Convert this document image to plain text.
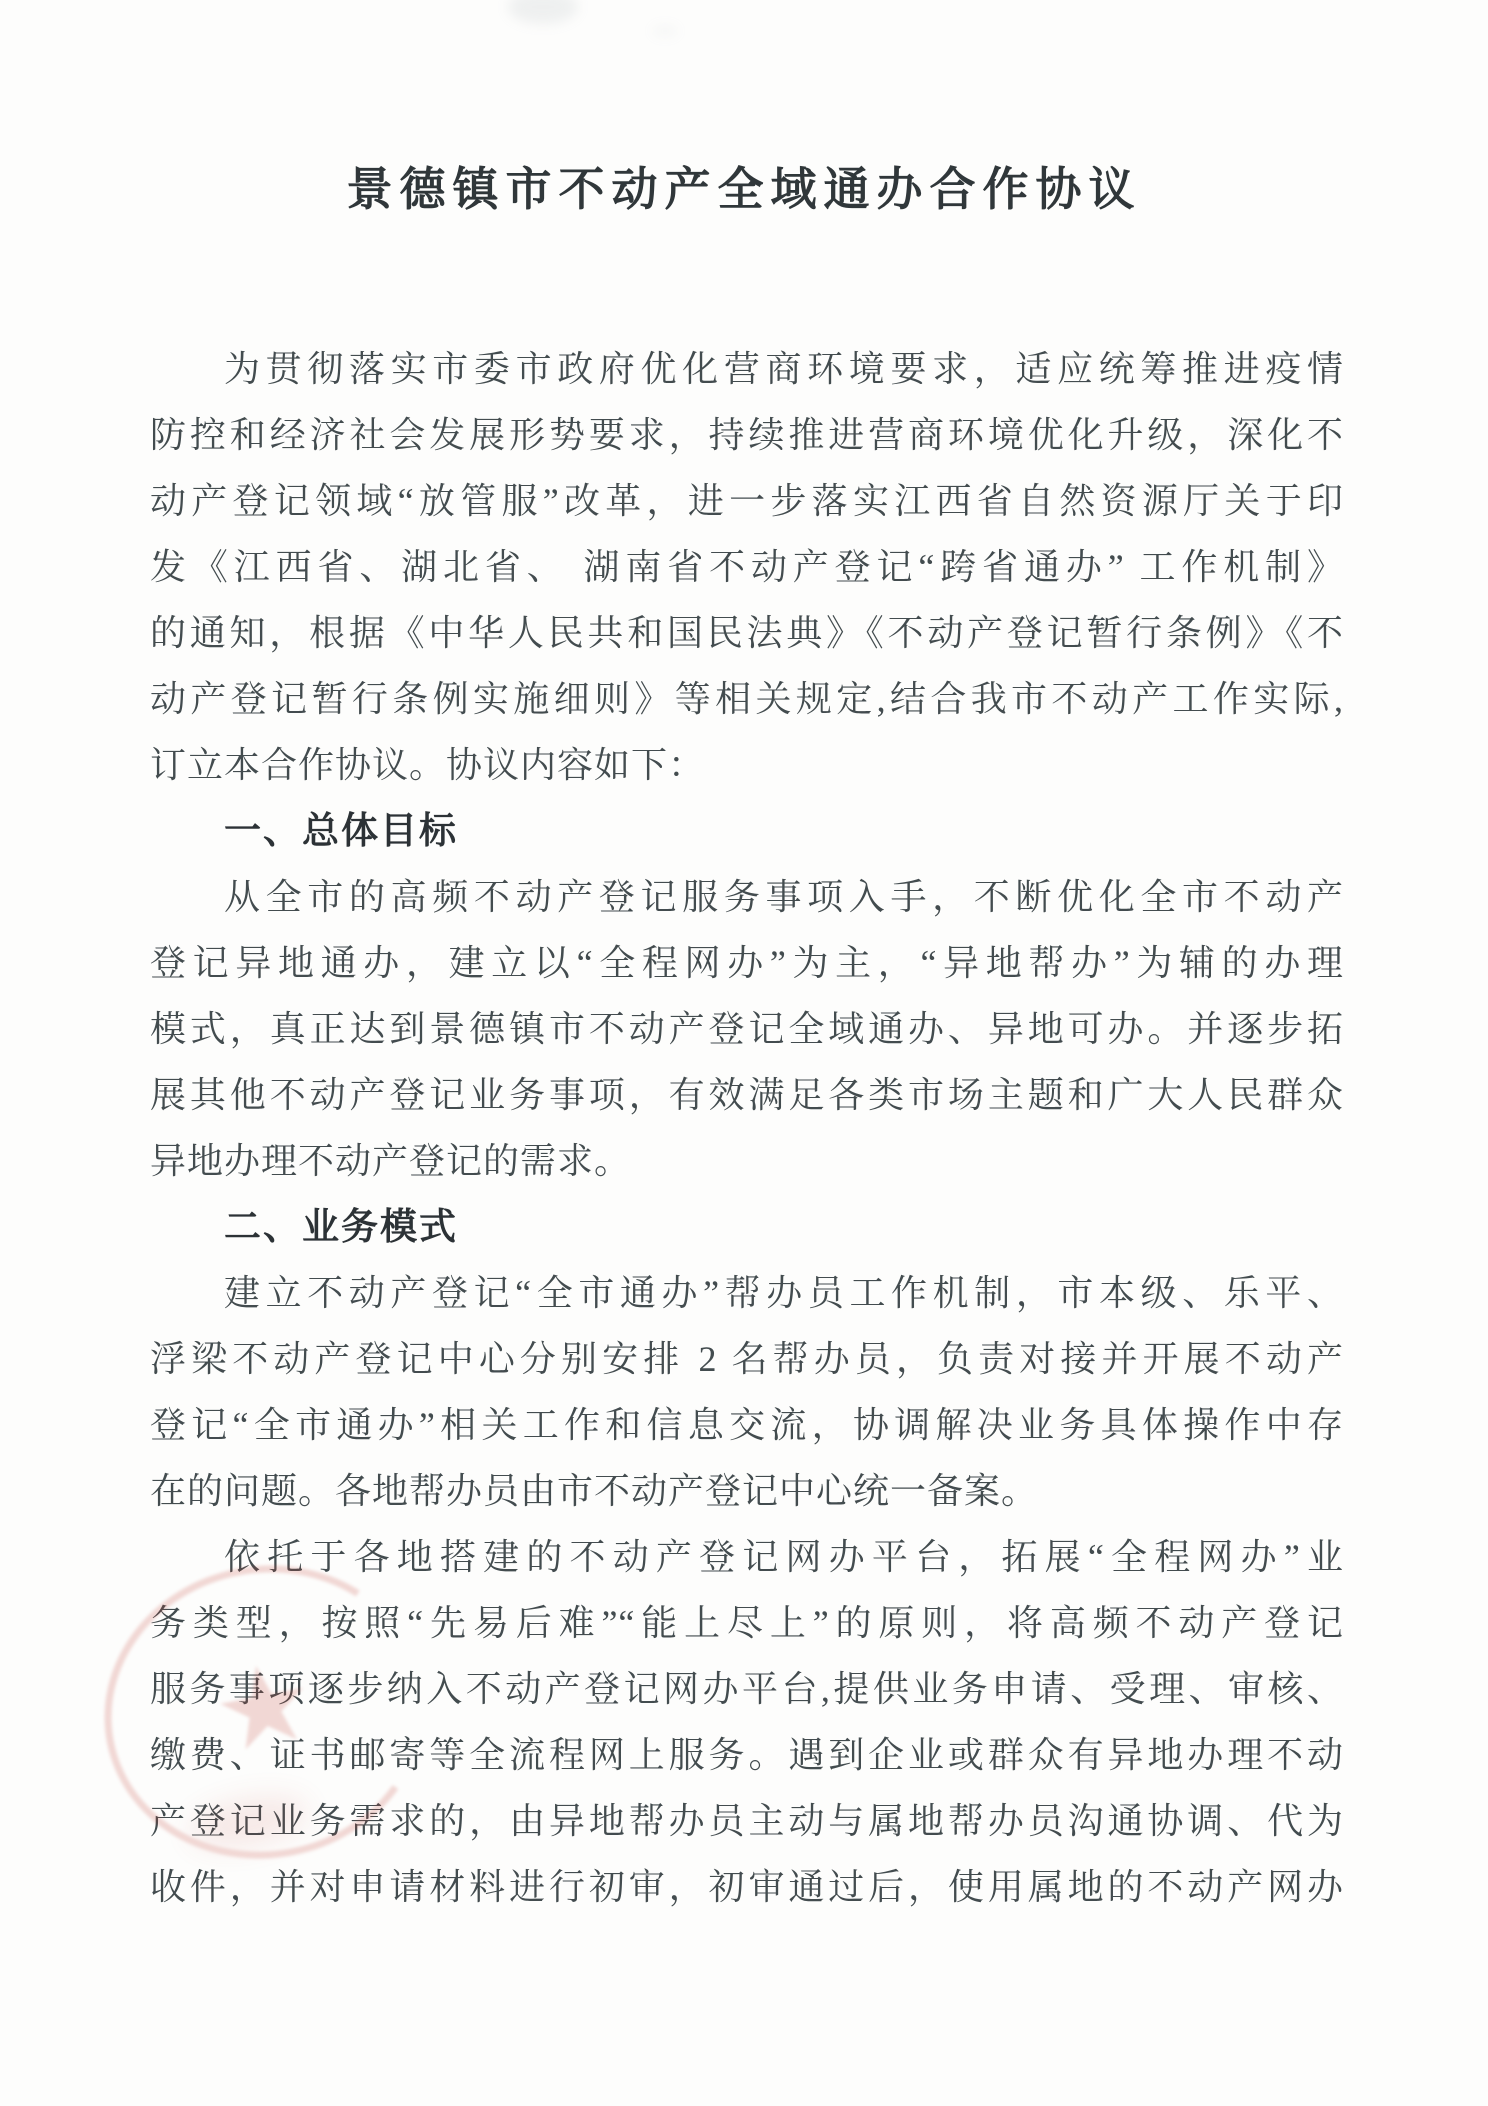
景德镇市不动产全域通办合作协议
为贯彻落实市委市政府优化营商环境要求，适应统筹推进疫情
防控和经济社会发展形势要求，持续推进营商环境优化升级，深化不
动产登记领域“放管服”改革，进一步落实江西省自然资源厅关于印
发《江西省、湖北省、 湖南省不动产登记“跨省通办” 工作机制》
的通知，根据《中华人民共和国民法典》《不动产登记暂行条例》《不
动产登记暂行条例实施细则》等相关规定,结合我市不动产工作实际,
订立本合作协议。协议内容如下：
一、总体目标
从全市的高频不动产登记服务事项入手，不断优化全市不动产
登记异地通办，建立以“全程网办”为主，“异地帮办”为辅的办理
模式，真正达到景德镇市不动产登记全域通办、异地可办。并逐步拓
展其他不动产登记业务事项，有效满足各类市场主题和广大人民群众
异地办理不动产登记的需求。
二、业务模式
建立不动产登记“全市通办”帮办员工作机制，市本级、乐平、
浮梁不动产登记中心分别安排 2 名帮办员，负责对接并开展不动产
登记“全市通办”相关工作和信息交流，协调解决业务具体操作中存
在的问题。各地帮办员由市不动产登记中心统一备案。
依托于各地搭建的不动产登记网办平台，拓展“全程网办”业
务类型，按照“先易后难”“能上尽上”的原则，将高频不动产登记
服务事项逐步纳入不动产登记网办平台,提供业务申请、受理、审核、
缴费、证书邮寄等全流程网上服务。遇到企业或群众有异地办理不动
产登记业务需求的，由异地帮办员主动与属地帮办员沟通协调、代为
收件，并对申请材料进行初审，初审通过后，使用属地的不动产网办
★
